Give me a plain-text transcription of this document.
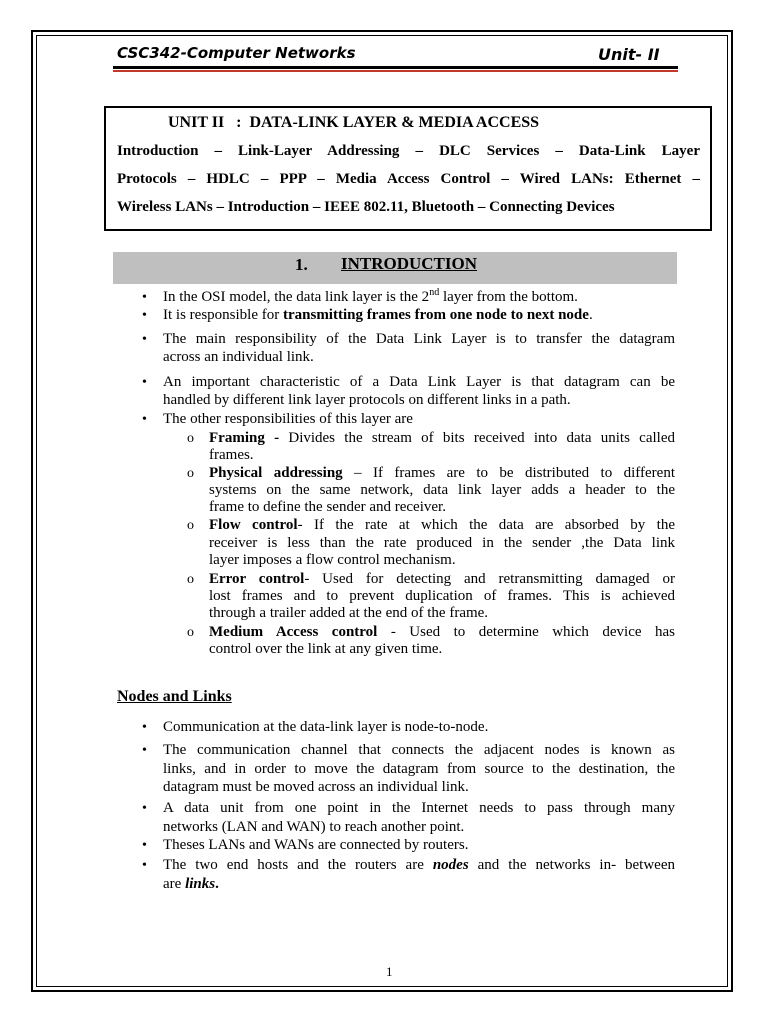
CSC342-Computer Networks	Unit- II
UNIT II   :  DATA-LINK LAYER & MEDIA ACCESS
Introduction – Link-Layer Addressing – DLC Services – Data-Link Layer
Protocols – HDLC – PPP – Media Access Control – Wired LANs: Ethernet –
Wireless LANs – Introduction – IEEE 802.11, Bluetooth – Connecting Devices
1. INTRODUCTION
• In the OSI model, the data link layer is the 2nd layer from the bottom.
• It is responsible for transmitting frames from one node to next node.
• The main responsibility of the Data Link Layer is to transfer the datagram
across an individual link.
• An important characteristic of a Data Link Layer is that datagram can be
handled by different link layer protocols on different links in a path.
• The other responsibilities of this layer are
o Framing - Divides the stream of bits received into data units called
frames.
o Physical addressing – If frames are to be distributed to different
systems on the same network, data link layer adds a header to the
frame to define the sender and receiver.
o Flow control- If the rate at which the data are absorbed by the
receiver is less than the rate produced in the sender ,the Data link
layer imposes a flow control mechanism.
o Error control- Used for detecting and retransmitting damaged or
lost frames and to prevent duplication of frames. This is achieved
through a trailer added at the end of the frame.
o Medium Access control - Used to determine which device has
control over the link at any given time.
Nodes and Links
• Communication at the data-link layer is node-to-node.
• The communication channel that connects the adjacent nodes is known as
links, and in order to move the datagram from source to the destination, the
datagram must be moved across an individual link.
• A data unit from one point in the Internet needs to pass through many
networks (LAN and WAN) to reach another point.
• Theses LANs and WANs are connected by routers.
• The two end hosts and the routers are nodes and the networks in- between
are links.
1
